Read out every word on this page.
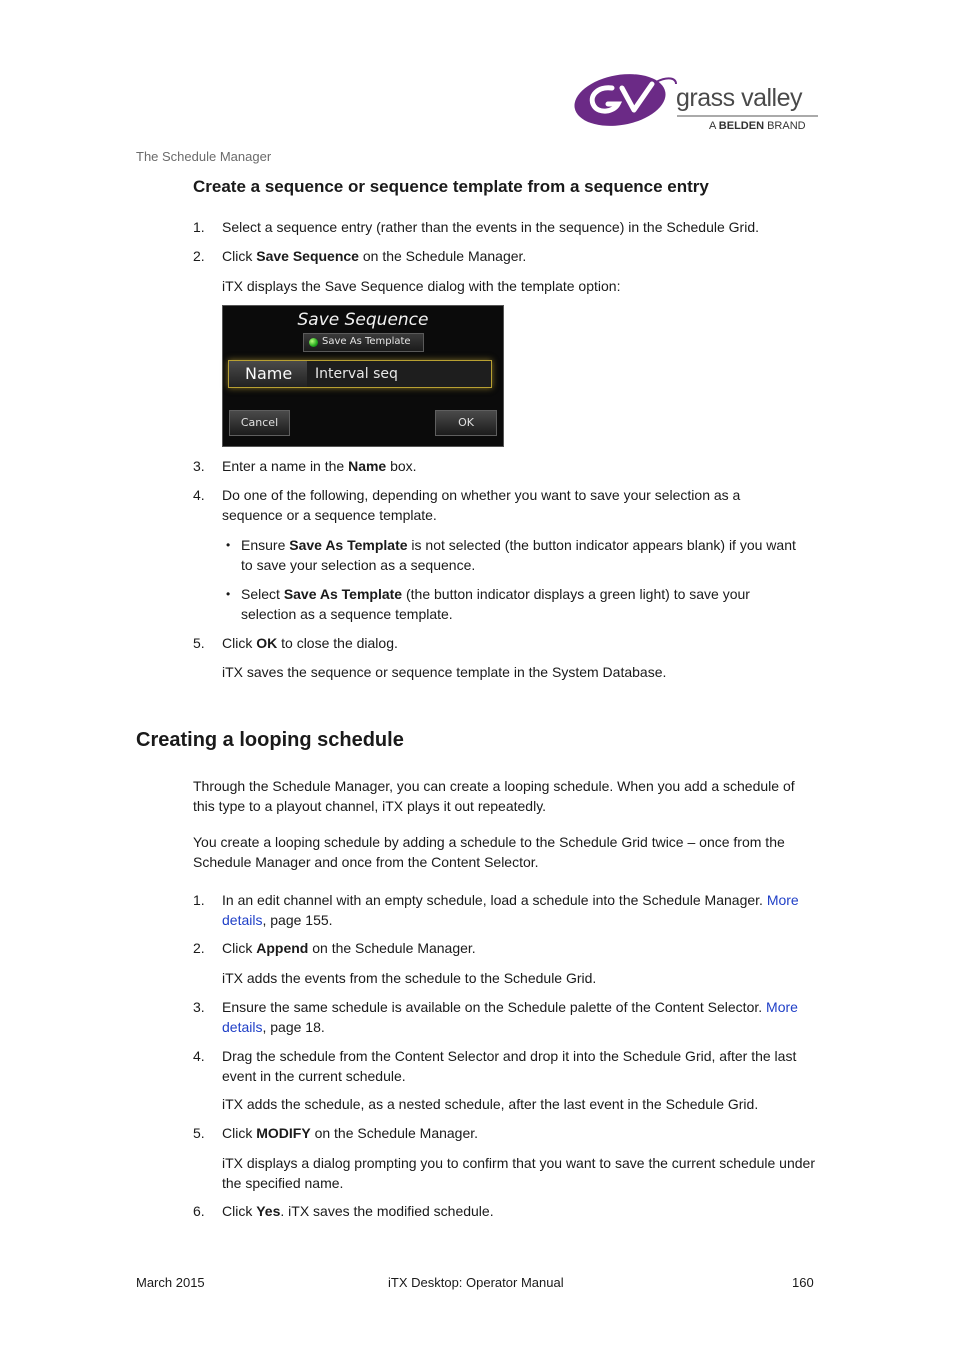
grass valley
A BELDEN BRAND
The Schedule Manager
Create a sequence or sequence template from a sequence entry
1. Select a sequence entry (rather than the events in the sequence) in the Schedule Grid.
2. Click Save Sequence on the Schedule Manager.
iTX displays the Save Sequence dialog with the template option:
Save Sequence
Save As Template
Name Interval seq
Cancel	OK
3. Enter a name in the Name box.
4. Do one of the following, depending on whether you want to save your selection as a sequence or a sequence template.
• Ensure Save As Template is not selected (the button indicator appears blank) if you want to save your selection as a sequence.
• Select Save As Template (the button indicator displays a green light) to save your selection as a sequence template.
5. Click OK to close the dialog.
iTX saves the sequence or sequence template in the System Database.
Creating a looping schedule
Through the Schedule Manager, you can create a looping schedule. When you add a schedule of this type to a playout channel, iTX plays it out repeatedly.
You create a looping schedule by adding a schedule to the Schedule Grid twice – once from the Schedule Manager and once from the Content Selector.
1. In an edit channel with an empty schedule, load a schedule into the Schedule Manager. More details, page 155.
2. Click Append on the Schedule Manager.
iTX adds the events from the schedule to the Schedule Grid.
3. Ensure the same schedule is available on the Schedule palette of the Content Selector. More details, page 18.
4. Drag the schedule from the Content Selector and drop it into the Schedule Grid, after the last event in the current schedule.
iTX adds the schedule, as a nested schedule, after the last event in the Schedule Grid.
5. Click MODIFY on the Schedule Manager.
iTX displays a dialog prompting you to confirm that you want to save the current schedule under the specified name.
6. Click Yes. iTX saves the modified schedule.
March 2015	iTX Desktop: Operator Manual	160
